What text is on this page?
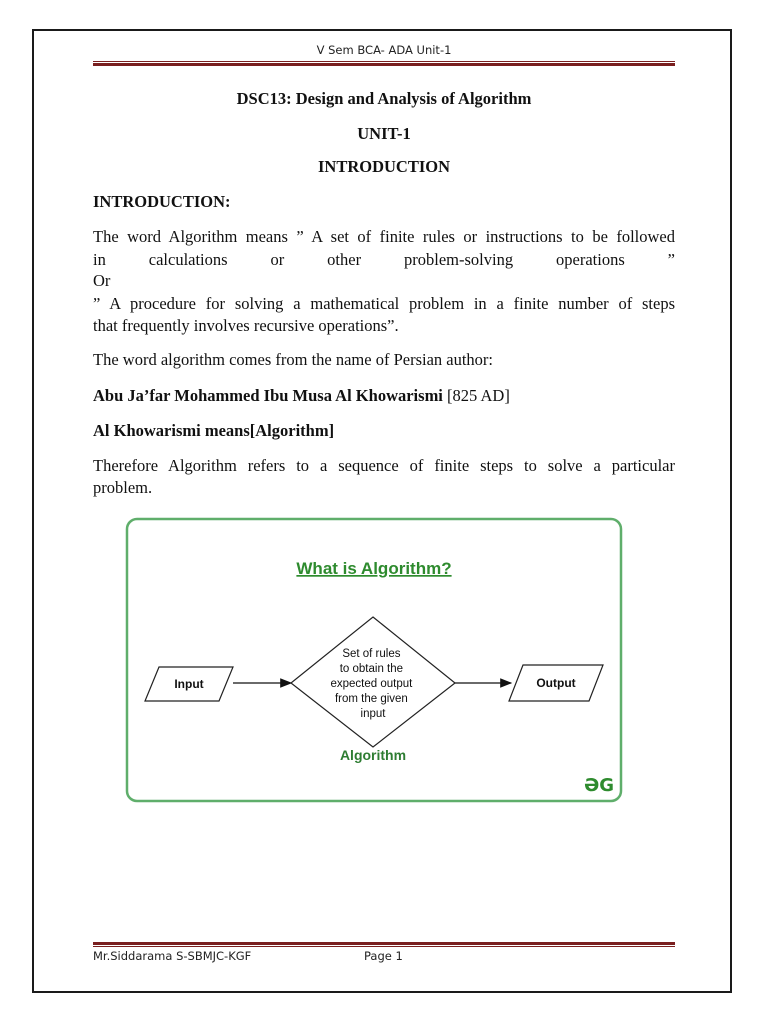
V Sem BCA- ADA Unit-1
DSC13: Design and Analysis of Algorithm
UNIT-1
INTRODUCTION
INTRODUCTION:
The word Algorithm means ” A set of finite rules or instructions to be followed
in calculations or other problem-solving operations ”
Or
” A procedure for solving a mathematical problem in a finite number of steps
that frequently involves recursive operations”.
The word algorithm comes from the name of Persian author:
Abu Ja’far Mohammed Ibu Musa Al Khowarismi [825 AD]
Al Khowarismi means[Algorithm]
Therefore Algorithm refers to a sequence of finite steps to solve a particular
problem.
What is Algorithm?
Input
Set of rules to obtain the expected output from the given input
Output
Algorithm
ƏG
Mr.Siddarama S-SBMJC-KGF	Page 1
